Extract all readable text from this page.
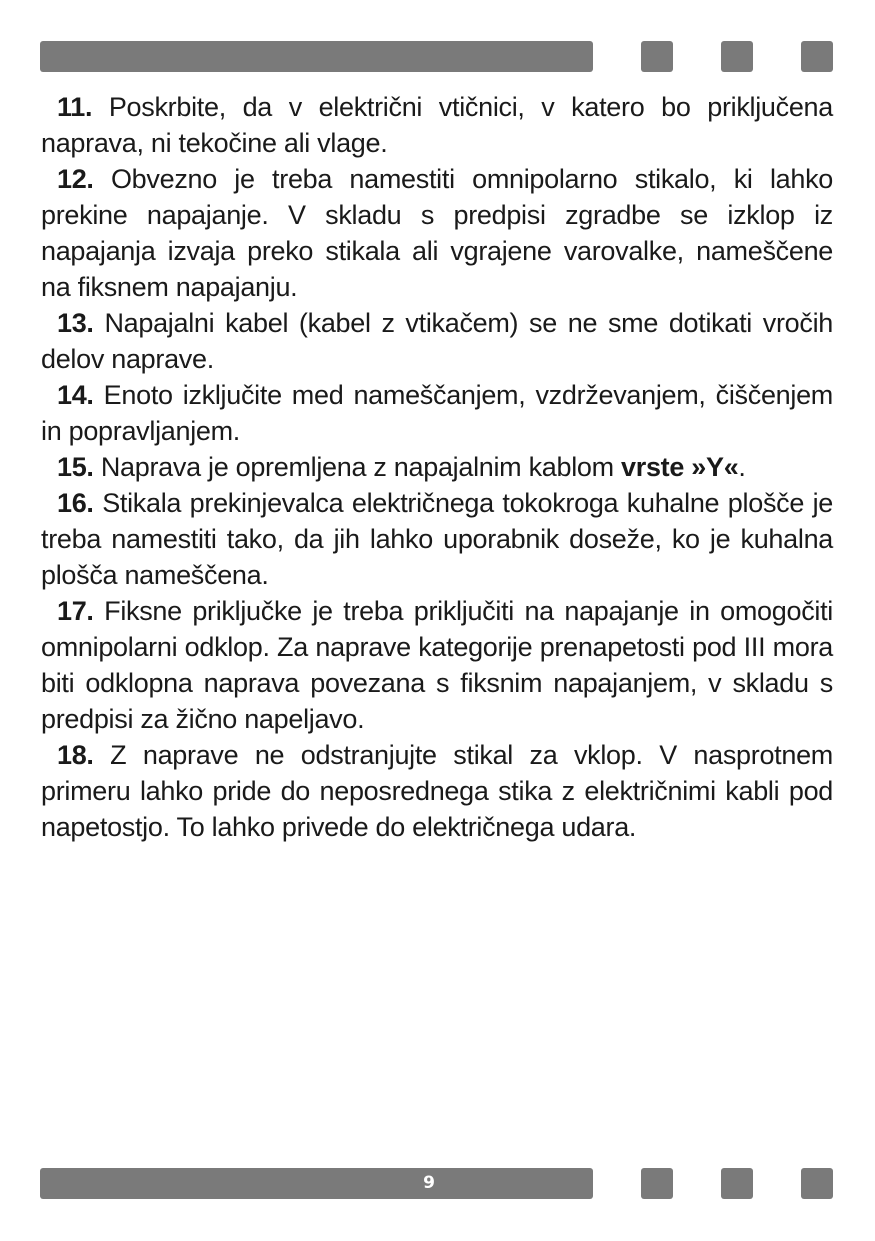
11. Poskrbite, da v električni vtičnici, v katero bo priključena naprava, ni tekočine ali vlage.

12. Obvezno je treba namestiti omnipolarno stikalo, ki lahko prekine napajanje. V skladu s predpisi zgradbe se izklop iz napajanja izvaja preko stikala ali vgrajene varovalke, nameščene na fiksnem napajanju.

13. Napajalni kabel (kabel z vtikačem) se ne sme dotikati vročih delov naprave.

14. Enoto izključite med nameščanjem, vzdrževanjem, čiščenjem in popravljanjem.

15. Naprava je opremljena z napajalnim kablom vrste »Y«.

16. Stikala prekinjevalca električnega tokokroga kuhalne plošče je treba namestiti tako, da jih lahko uporabnik doseže, ko je kuhalna plošča nameščena.

17. Fiksne priključke je treba priključiti na napajanje in omogočiti omnipolarni odklop. Za naprave kategorije prenapetosti pod III mora biti odklopna naprava povezana s fiksnim napajanjem, v skladu s predpisi za žično napeljavo.

18. Z naprave ne odstranjujte stikal za vklop. V nasprotnem primeru lahko pride do neposrednega stika z električnimi kabli pod napetostjo. To lahko privede do električnega udara.

9
